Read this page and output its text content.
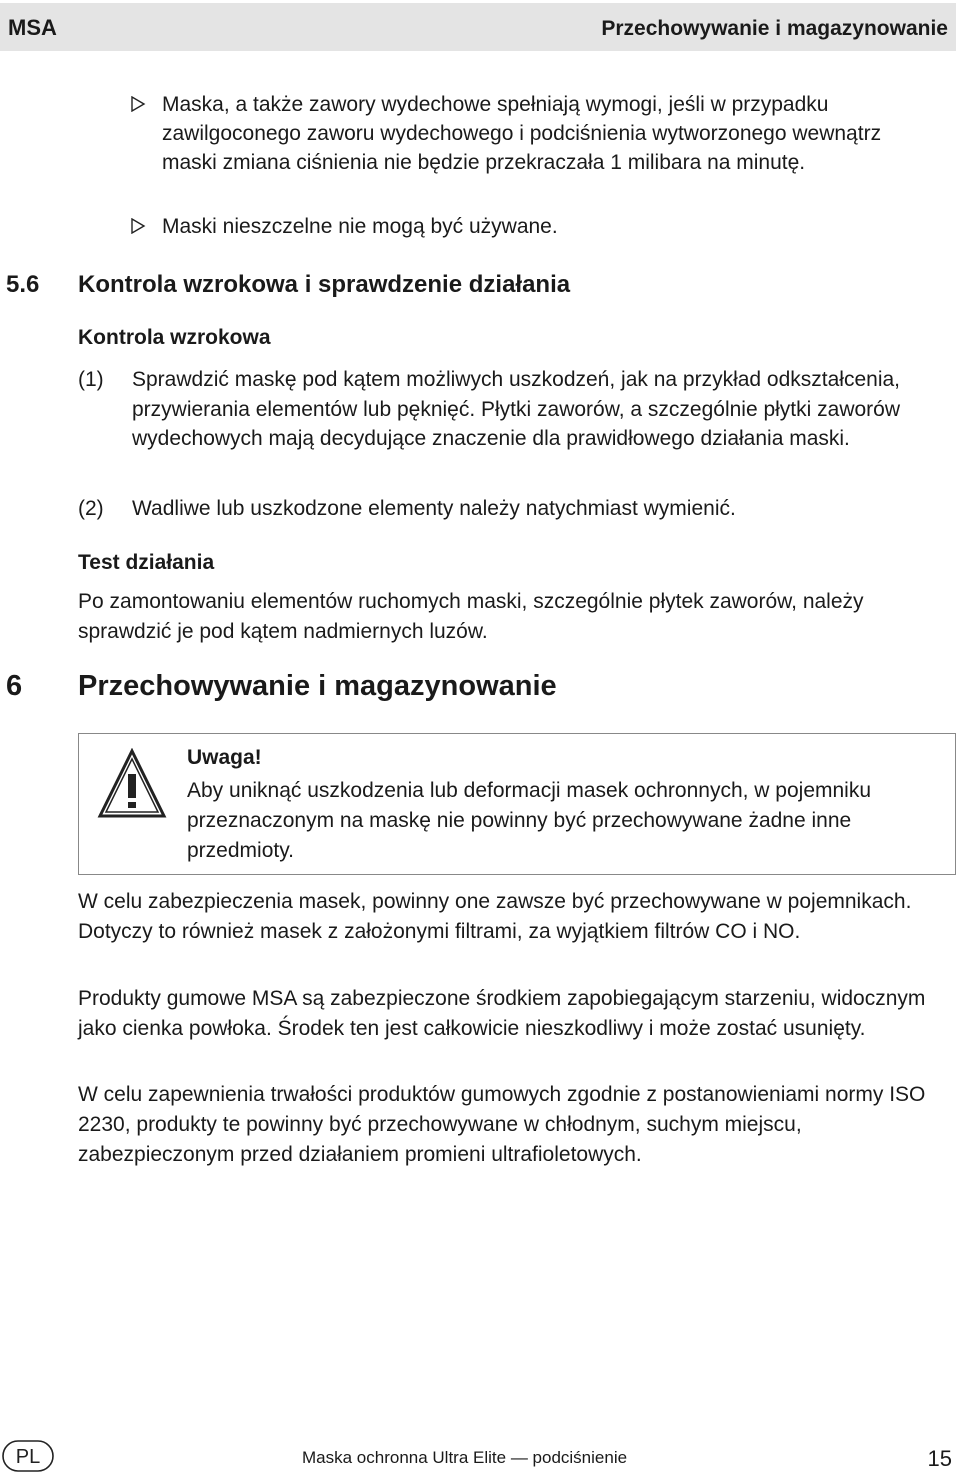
MSA	Przechowywanie i magazynowanie
Maska, a także zawory wydechowe spełniają wymogi, jeśli w przypadku zawilgoconego zaworu wydechowego i podciśnienia wytworzonego wewnątrz maski zmiana ciśnienia nie będzie przekraczała 1 milibara na minutę.
Maski nieszczelne nie mogą być używane.
5.6 Kontrola wzrokowa i sprawdzenie działania
Kontrola wzrokowa
(1) Sprawdzić maskę pod kątem możliwych uszkodzeń, jak na przykład odkształcenia, przywierania elementów lub pęknięć. Płytki zaworów, a szczególnie płytki zaworów wydechowych mają decydujące znaczenie dla prawidłowego działania maski.
(2) Wadliwe lub uszkodzone elementy należy natychmiast wymienić.
Test działania
Po zamontowaniu elementów ruchomych maski, szczególnie płytek zaworów, należy sprawdzić je pod kątem nadmiernych luzów.
6 Przechowywanie i magazynowanie
Uwaga!
Aby uniknąć uszkodzenia lub deformacji masek ochronnych, w pojemniku przeznaczonym na maskę nie powinny być przechowywane żadne inne przedmioty.
W celu zabezpieczenia masek, powinny one zawsze być przechowywane w pojemnikach. Dotyczy to również masek z założonymi filtrami, za wyjątkiem filtrów CO i NO.
Produkty gumowe MSA są zabezpieczone środkiem zapobiegającym starzeniu, widocznym jako cienka powłoka. Środek ten jest całkowicie nieszkodliwy i może zostać usunięty.
W celu zapewnienia trwałości produktów gumowych zgodnie z postanowieniami normy ISO 2230, produkty te powinny być przechowywane w chłodnym, suchym miejscu, zabezpieczonym przed działaniem promieni ultrafioletowych.
PL	Maska ochronna Ultra Elite — podciśnienie	15
